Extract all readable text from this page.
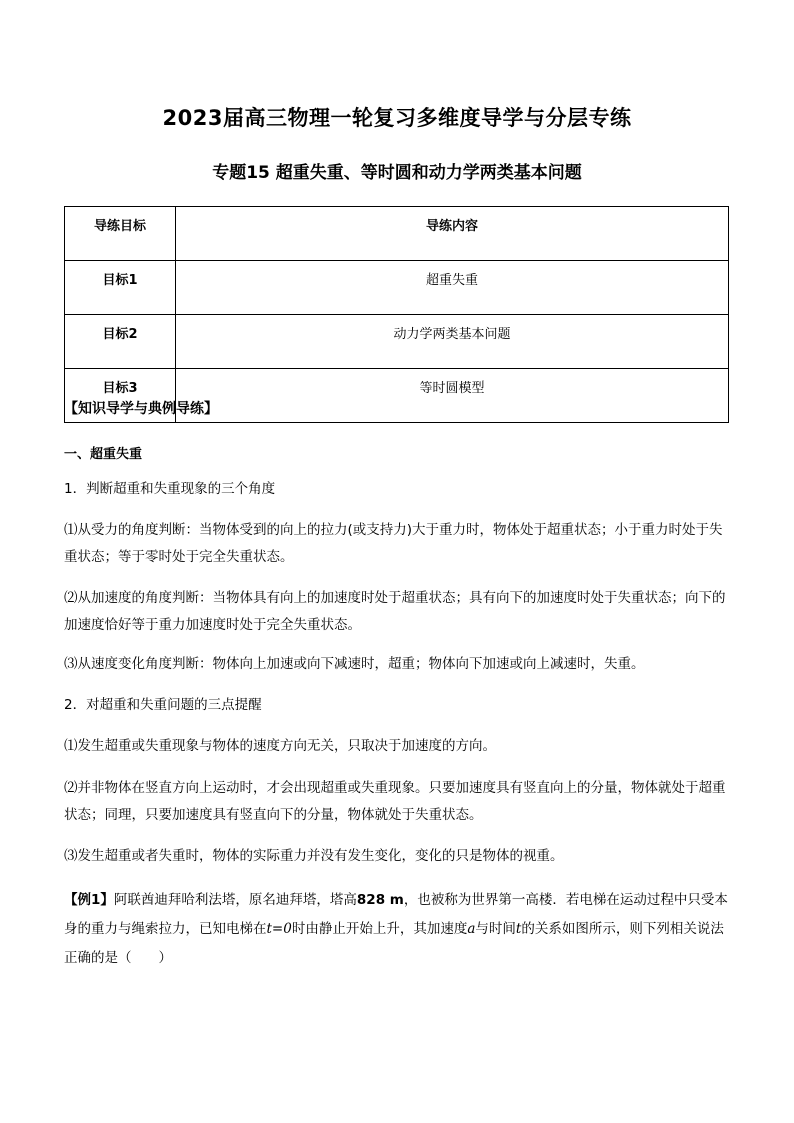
2023届高三物理一轮复习多维度导学与分层专练
专题15 超重失重、等时圆和动力学两类基本问题
导练目标	导练内容
目标1	超重失重
目标2	动力学两类基本问题
目标3	等时圆模型
【知识导学与典例导练】
一、超重失重
1．判断超重和失重现象的三个角度
⑴从受力的角度判断：当物体受到的向上的拉力(或支持力)大于重力时，物体处于超重状态；小于重力时处于失重状态；等于零时处于完全失重状态。
⑵从加速度的角度判断：当物体具有向上的加速度时处于超重状态；具有向下的加速度时处于失重状态；向下的加速度恰好等于重力加速度时处于完全失重状态。
⑶从速度变化角度判断：物体向上加速或向下减速时，超重；物体向下加速或向上减速时，失重。
2．对超重和失重问题的三点提醒
⑴发生超重或失重现象与物体的速度方向无关，只取决于加速度的方向。
⑵并非物体在竖直方向上运动时，才会出现超重或失重现象。只要加速度具有竖直向上的分量，物体就处于超重状态；同理，只要加速度具有竖直向下的分量，物体就处于失重状态。
⑶发生超重或者失重时，物体的实际重力并没有发生变化，变化的只是物体的视重。
【例1】阿联酋迪拜哈利法塔，原名迪拜塔，塔高828 m，也被称为世界第一高楼．若电梯在运动过程中只受本身的重力与绳索拉力，已知电梯在t=0时由静止开始上升，其加速度a与时间t的关系如图所示，则下列相关说法正确的是（　　）
